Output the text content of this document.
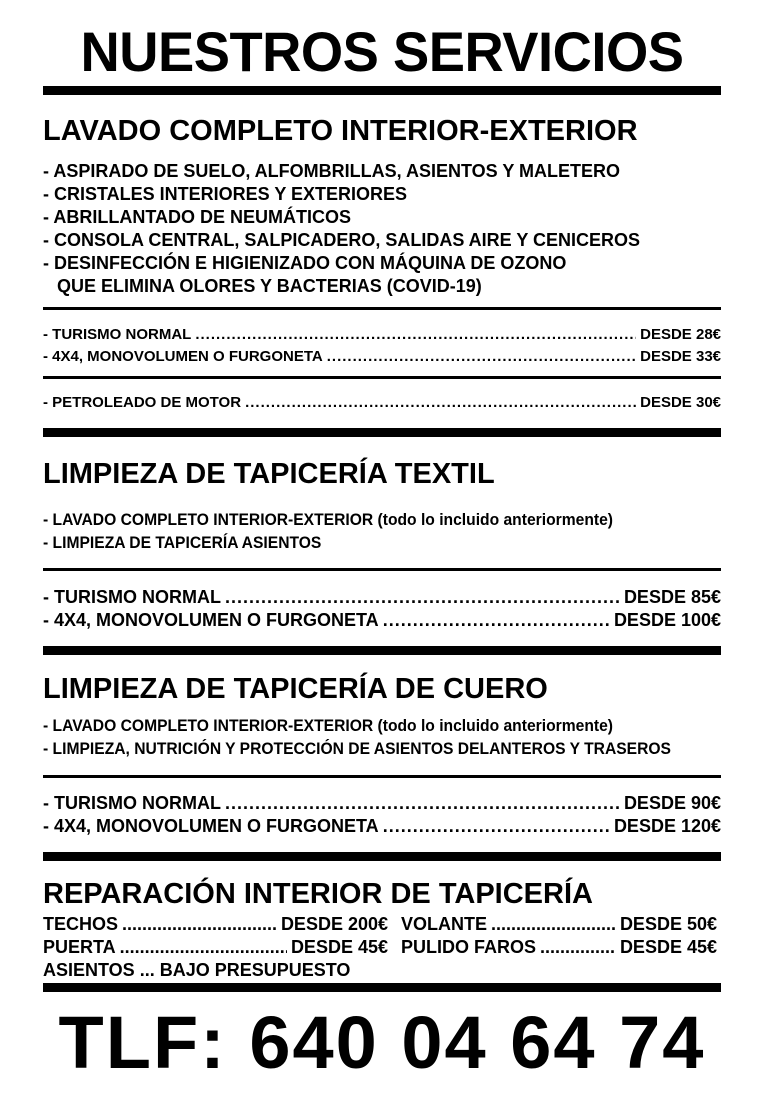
NUESTROS SERVICIOS
LAVADO COMPLETO INTERIOR-EXTERIOR
- ASPIRADO DE SUELO, ALFOMBRILLAS, ASIENTOS Y MALETERO
- CRISTALES INTERIORES Y EXTERIORES
- ABRILLANTADO DE NEUMÁTICOS
- CONSOLA CENTRAL, SALPICADERO, SALIDAS AIRE Y CENICEROS
- DESINFECCIÓN E HIGIENIZADO CON MÁQUINA DE OZONO
QUE ELIMINA OLORES Y BACTERIAS (COVID-19)
- TURISMO NORMAL .....	DESDE 28€
- 4X4, MONOVOLUMEN O FURGONETA .....	DESDE 33€
- PETROLEADO DE MOTOR .....	DESDE 30€
LIMPIEZA DE TAPICERÍA TEXTIL
- LAVADO COMPLETO INTERIOR-EXTERIOR (todo lo incluido anteriormente)
- LIMPIEZA DE TAPICERÍA ASIENTOS
- TURISMO NORMAL .....	DESDE 85€
- 4X4, MONOVOLUMEN O FURGONETA .....	DESDE 100€
LIMPIEZA DE TAPICERÍA DE CUERO
- LAVADO COMPLETO INTERIOR-EXTERIOR (todo lo incluido anteriormente)
- LIMPIEZA, NUTRICIÓN Y PROTECCIÓN DE ASIENTOS DELANTEROS Y TRASEROS
- TURISMO NORMAL .....	DESDE 90€
- 4X4, MONOVOLUMEN O FURGONETA .....	DESDE 120€
REPARACIÓN INTERIOR DE TAPICERÍA
TECHOS .....	DESDE 200€
PUERTA .....	DESDE 45€
ASIENTOS ... BAJO PRESUPUESTO
VOLANTE .....	DESDE 50€
PULIDO FAROS .....	DESDE 45€
TLF: 640 04 64 74
